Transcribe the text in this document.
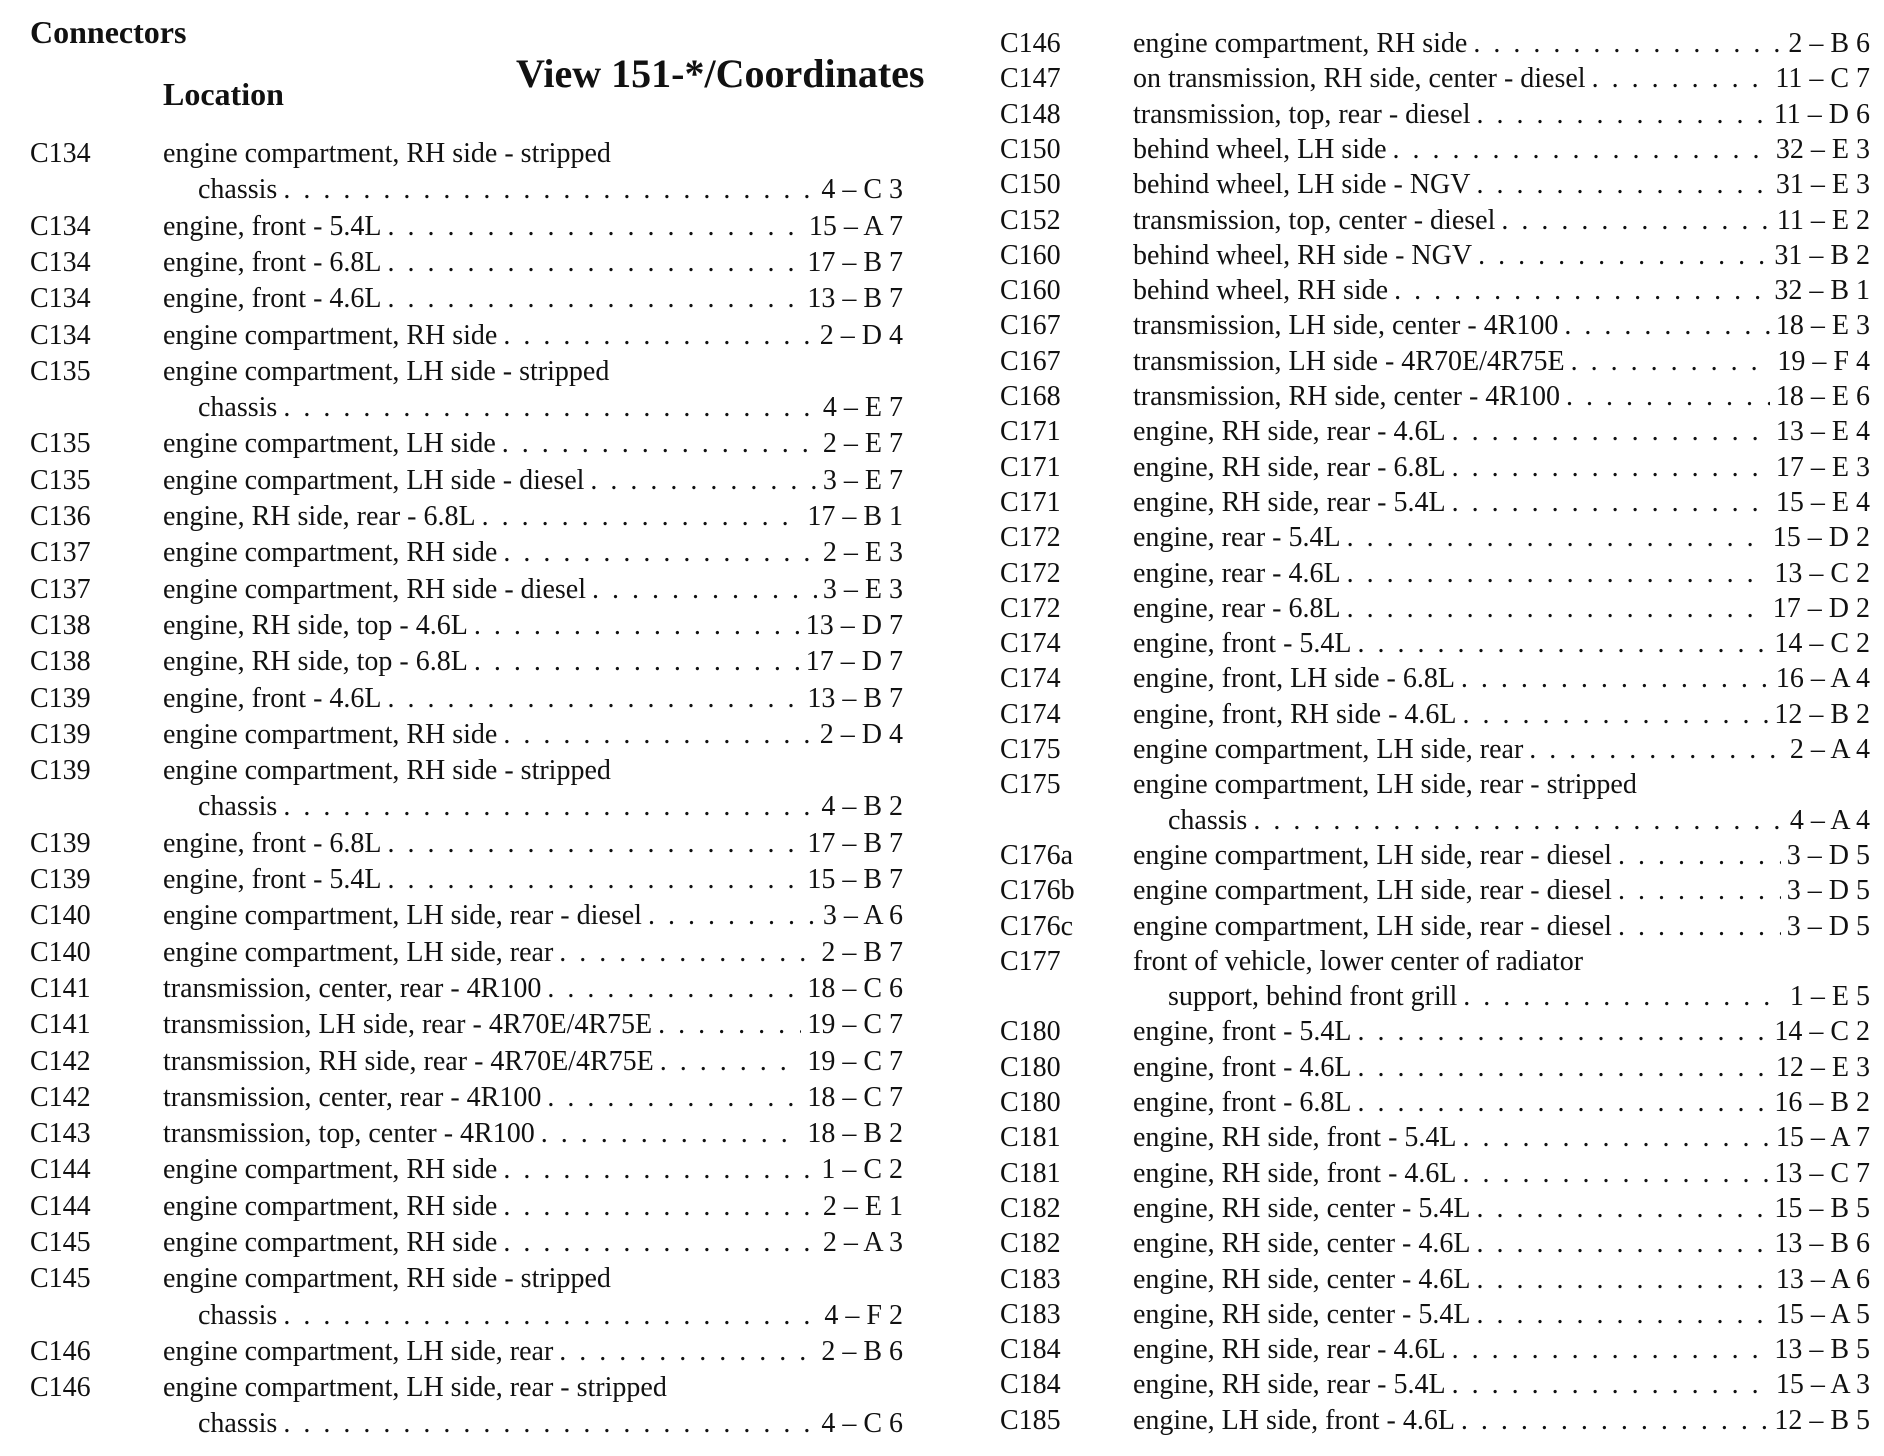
Connectors
Location	View 151-*/Coordinates
C134	engine compartment, RH side - stripped
chassis . . .	4 – C 3
C134	engine, front - 5.4L . . .	15 – A 7
C134	engine, front - 6.8L . . .	17 – B 7
C134	engine, front - 4.6L . . .	13 – B 7
C134	engine compartment, RH side . . .	2 – D 4
C135	engine compartment, LH side - stripped
chassis . . .	4 – E 7
C135	engine compartment, LH side . . .	2 – E 7
C135	engine compartment, LH side - diesel . . .	3 – E 7
C136	engine, RH side, rear - 6.8L . . .	17 – B 1
C137	engine compartment, RH side . . .	2 – E 3
C137	engine compartment, RH side - diesel . . .	3 – E 3
C138	engine, RH side, top - 4.6L . . .	13 – D 7
C138	engine, RH side, top - 6.8L . . .	17 – D 7
C139	engine, front - 4.6L . . .	13 – B 7
C139	engine compartment, RH side . . .	2 – D 4
C139	engine compartment, RH side - stripped
chassis . . .	4 – B 2
C139	engine, front - 6.8L . . .	17 – B 7
C139	engine, front - 5.4L . . .	15 – B 7
C140	engine compartment, LH side, rear - diesel . . .	3 – A 6
C140	engine compartment, LH side, rear . . .	2 – B 7
C141	transmission, center, rear - 4R100 . . .	18 – C 6
C141	transmission, LH side, rear - 4R70E/4R75E . . .	19 – C 7
C142	transmission, RH side, rear - 4R70E/4R75E . . .	19 – C 7
C142	transmission, center, rear - 4R100 . . .	18 – C 7
C143	transmission, top, center - 4R100 . . .	18 – B 2
C144	engine compartment, RH side . . .	1 – C 2
C144	engine compartment, RH side . . .	2 – E 1
C145	engine compartment, RH side . . .	2 – A 3
C145	engine compartment, RH side - stripped
chassis . . .	4 – F 2
C146	engine compartment, LH side, rear . . .	2 – B 6
C146	engine compartment, LH side, rear - stripped
chassis . . .	4 – C 6
C146	engine compartment, RH side . . .	2 – B 6
C147	on transmission, RH side, center - diesel . . .	11 – C 7
C148	transmission, top, rear - diesel . . .	11 – D 6
C150	behind wheel, LH side . . .	32 – E 3
C150	behind wheel, LH side - NGV . . .	31 – E 3
C152	transmission, top, center - diesel . . .	11 – E 2
C160	behind wheel, RH side - NGV . . .	31 – B 2
C160	behind wheel, RH side . . .	32 – B 1
C167	transmission, LH side, center - 4R100 . . .	18 – E 3
C167	transmission, LH side - 4R70E/4R75E . . .	19 – F 4
C168	transmission, RH side, center - 4R100 . . .	18 – E 6
C171	engine, RH side, rear - 4.6L . . .	13 – E 4
C171	engine, RH side, rear - 6.8L . . .	17 – E 3
C171	engine, RH side, rear - 5.4L . . .	15 – E 4
C172	engine, rear - 5.4L . . .	15 – D 2
C172	engine, rear - 4.6L . . .	13 – C 2
C172	engine, rear - 6.8L . . .	17 – D 2
C174	engine, front - 5.4L . . .	14 – C 2
C174	engine, front, LH side - 6.8L . . .	16 – A 4
C174	engine, front, RH side - 4.6L . . .	12 – B 2
C175	engine compartment, LH side, rear . . .	2 – A 4
C175	engine compartment, LH side, rear - stripped
chassis . . .	4 – A 4
C176a engine compartment, LH side, rear - diesel . . .	3 – D 5
C176b engine compartment, LH side, rear - diesel . . .	3 – D 5
C176c engine compartment, LH side, rear - diesel . . .	3 – D 5
C177	front of vehicle, lower center of radiator
support, behind front grill . . .	1 – E 5
C180	engine, front - 5.4L . . .	14 – C 2
C180	engine, front - 4.6L . . .	12 – E 3
C180	engine, front - 6.8L . . .	16 – B 2
C181	engine, RH side, front - 5.4L . . .	15 – A 7
C181	engine, RH side, front - 4.6L . . .	13 – C 7
C182	engine, RH side, center - 5.4L . . .	15 – B 5
C182	engine, RH side, center - 4.6L . . .	13 – B 6
C183	engine, RH side, center - 4.6L . . .	13 – A 6
C183	engine, RH side, center - 5.4L . . .	15 – A 5
C184	engine, RH side, rear - 4.6L . . .	13 – B 5
C184	engine, RH side, rear - 5.4L . . .	15 – A 3
C185	engine, LH side, front - 4.6L . . .	12 – B 5
